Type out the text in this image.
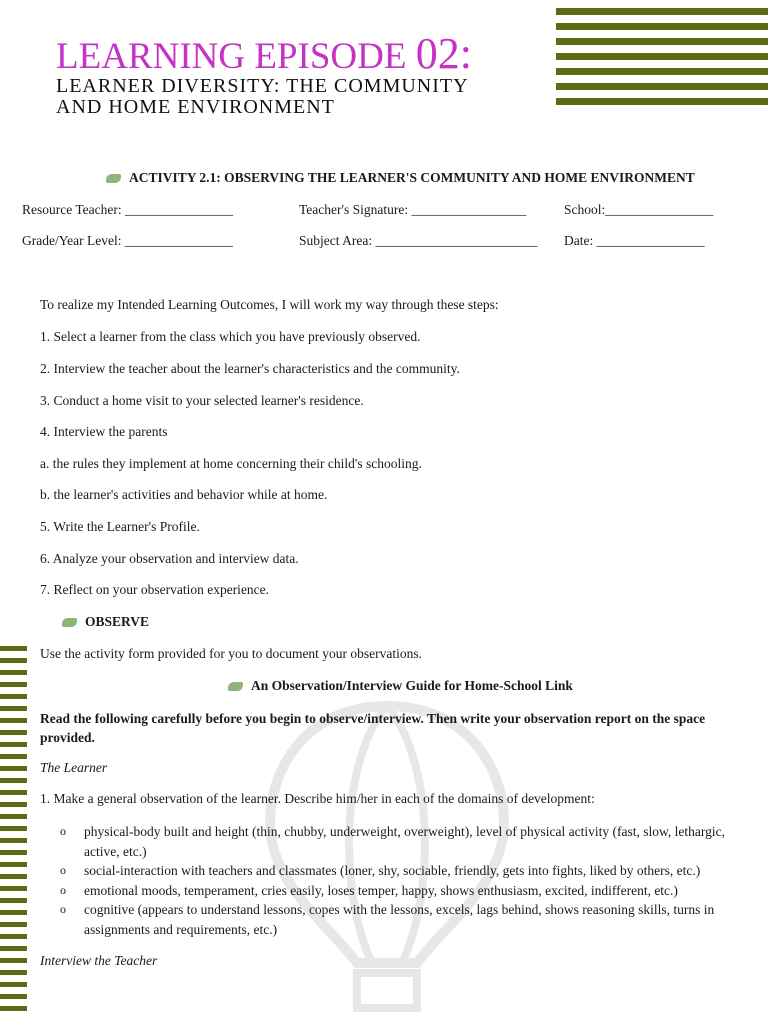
LEARNING EPISODE 02:
LEARNER DIVERSITY: THE COMMUNITY
AND HOME ENVIRONMENT
ACTIVITY 2.1: OBSERVING THE LEARNER'S COMMUNITY AND HOME ENVIRONMENT
Resource Teacher: ________________	Teacher's Signature: _________________	School:________________
Grade/Year Level: ________________	Subject Area: ________________________ Date: ________________
To realize my Intended Learning Outcomes, I will work my way through these steps:
1. Select a learner from the class which you have previously observed.
2. Interview the teacher about the learner's characteristics and the community.
3. Conduct a home visit to your selected learner's residence.
4. Interview the parents
a. the rules they implement at home concerning their child's schooling.
b. the learner's activities and behavior while at home.
5. Write the Learner's Profile.
6. Analyze your observation and interview data.
7. Reflect on your observation experience.
OBSERVE
Use the activity form provided for you to document your observations.
An Observation/Interview Guide for Home-School Link
Read the following carefully before you begin to observe/interview. Then write your observation report on the space provided.
The Learner
1. Make a general observation of the learner. Describe him/her in each of the domains of development:
o	physical-body built and height (thin, chubby, underweight, overweight), level of physical activity (fast, slow, lethargic, active, etc.)
o	social-interaction with teachers and classmates (loner, shy, sociable, friendly, gets into fights, liked by others, etc.)
o	emotional moods, temperament, cries easily, loses temper, happy, shows enthusiasm, excited, indifferent, etc.)
o	cognitive (appears to understand lessons, copes with the lessons, excels, lags behind, shows reasoning skills, turns in assignments and requirements, etc.)
Interview the Teacher
